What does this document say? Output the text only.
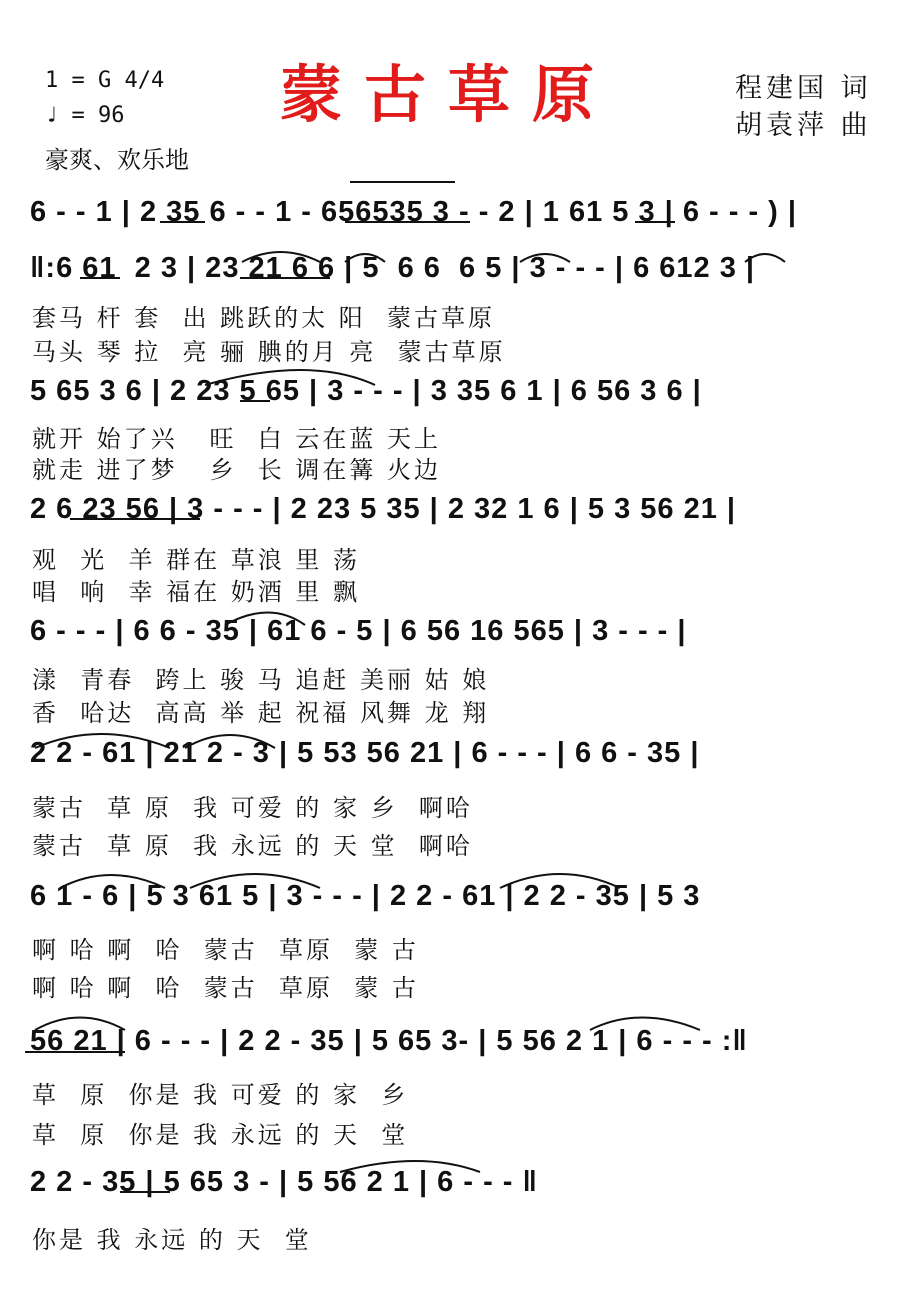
1 = G 4/4
♩ = 96
豪爽、欢乐地
蒙古草原	程建国 词
胡袁萍 曲
6 - - 1 | 2 35 6 - - 1 - 656535 3 - - 2 | 1 61 5 3 | 6 - - - ) |
‖:6 61  2 3 | 23 21 6 6 | 5  6 6  6 5 | 3 - - - | 6 612 3 |
套马 杆 套  出 跳跃的太 阳  蒙古草原
马头 琴 拉  亮 骊 腆的月 亮  蒙古草原
5 65 3 6 | 2 23 5 65 | 3 - - - | 3 35 6 1 | 6 56 3 6 |
就开 始了兴   旺  白 云在蓝 天上
就走 进了梦   乡  长 调在篝 火边
2 6 23 56 | 3 - - - | 2 23 5 35 | 2 32 1 6 | 5 3 56 21 |
观  光  羊 群在 草浪 里 荡
唱  响  幸 福在 奶酒 里 飘
6 - - - | 6 6 - 35 | 61 6 - 5 | 6 56 16 565 | 3 - - - |
漾  青春  跨上 骏 马 追赶 美丽 姑 娘
香  哈达  高高 举 起 祝福 风舞 龙 翔
2 2 - 61 | 21 2 - 3 | 5 53 56 21 | 6 - - - | 6 6 - 35 |
蒙古  草 原  我 可爱 的 家 乡  啊哈
蒙古  草 原  我 永远 的 天 堂  啊哈
6 1 - 6 | 5 3 61 5 | 3 - - - | 2 2 - 61 | 2 2 - 35 | 5 3
啊 哈 啊  哈  蒙古  草原  蒙 古
啊 哈 啊  哈  蒙古  草原  蒙 古
56 21 | 6 - - - | 2 2 - 35 | 5 65 3- | 5 56 2 1 | 6 - - - :‖
草  原  你是 我 可爱 的 家  乡
草  原  你是 我 永远 的 天  堂
2 2 - 35 | 5 65 3 - | 5 56 2 1 | 6 - - - ‖
你是 我 永远 的 天  堂
